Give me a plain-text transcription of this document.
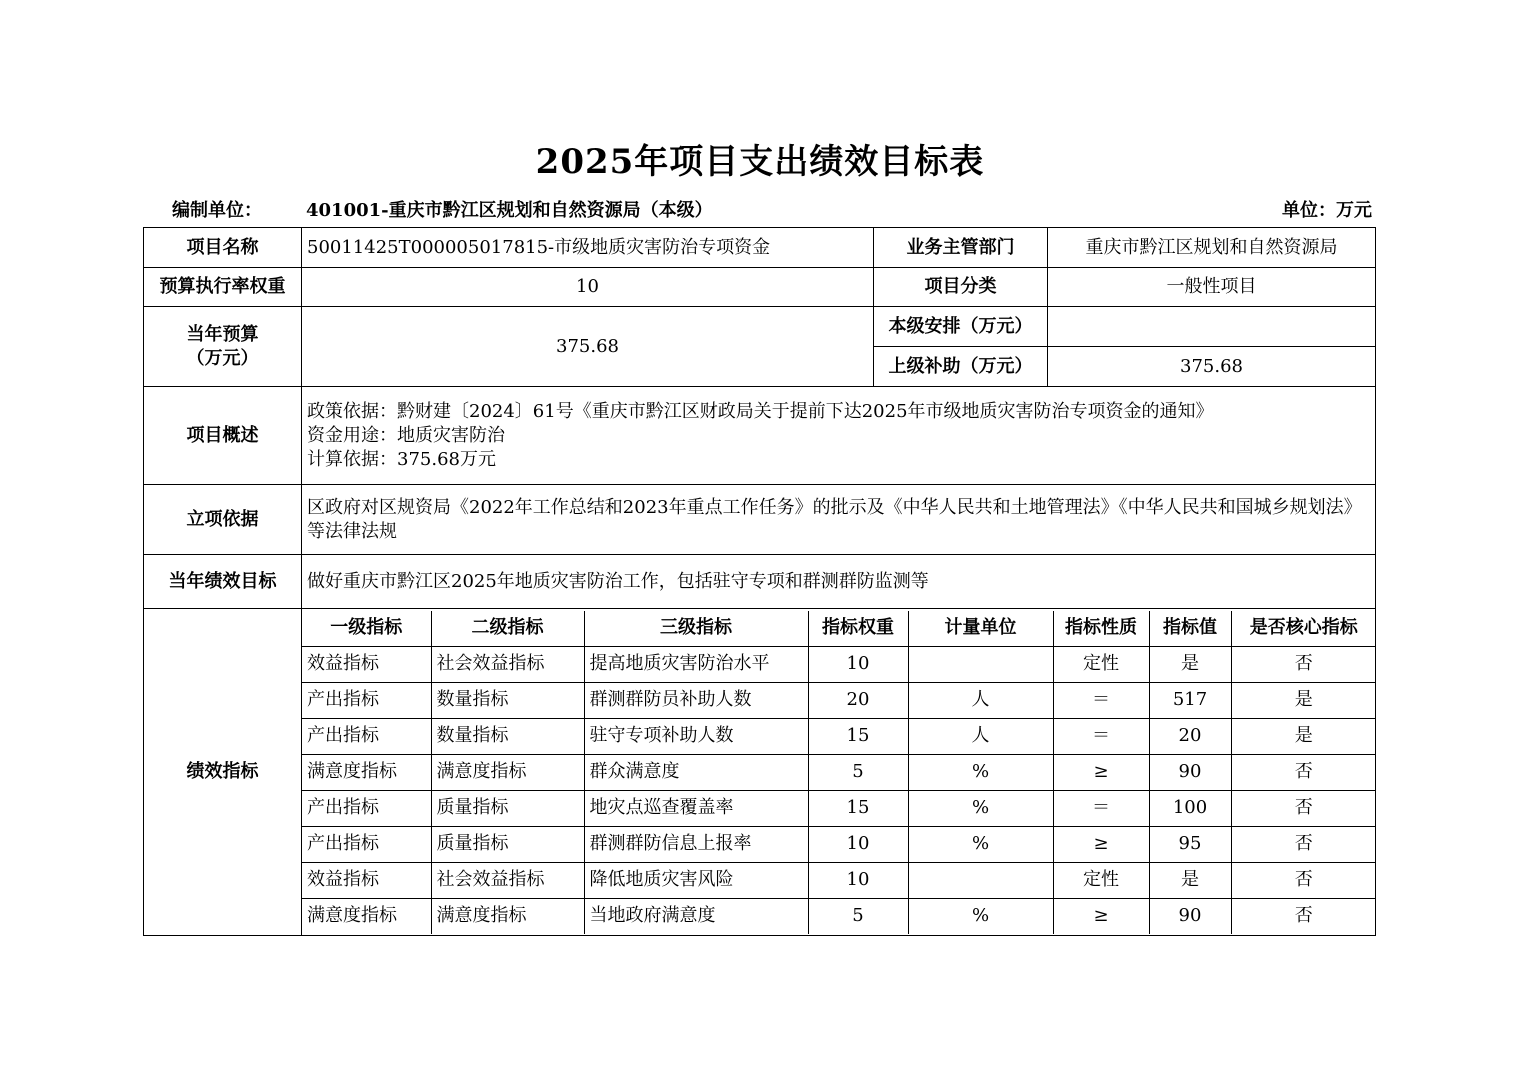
2025年项目支出绩效目标表
编制单位： 401001-重庆市黔江区规划和自然资源局（本级）	单位：万元
项目名称	50011425T000005017815-市级地质灾害防治专项资金	业务主管部门	重庆市黔江区规划和自然资源局
预算执行率权重	10	项目分类	一般性项目
当年预算
（万元）	375.68	本级安排（万元）	
上级补助（万元）	375.68
项目概述	政策依据：黔财建〔2024〕61号《重庆市黔江区财政局关于提前下达2025年市级地质灾害防治专项资金的通知》
资金用途：地质灾害防治
计算依据：375.68万元
立项依据	区政府对区规资局《2022年工作总结和2023年重点工作任务》的批示及《中华人民共和土地管理法》《中华人民共和国城乡规划法》等法律法规
当年绩效目标	做好重庆市黔江区2025年地质灾害防治工作，包括驻守专项和群测群防监测等
绩效指标	
一级指标	二级指标	三级指标	指标权重	计量单位	指标性质	指标值	是否核心指标
效益指标	社会效益指标	提高地质灾害防治水平	10		定性	是	否
产出指标	数量指标	群测群防员补助人数	20	人	＝	517	是
产出指标	数量指标	驻守专项补助人数	15	人	＝	20	是
满意度指标	满意度指标	群众满意度	5	%	≥	90	否
产出指标	质量指标	地灾点巡查覆盖率	15	%	＝	100	否
产出指标	质量指标	群测群防信息上报率	10	%	≥	95	否
效益指标	社会效益指标	降低地质灾害风险	10		定性	是	否
满意度指标	满意度指标	当地政府满意度	5	%	≥	90	否
